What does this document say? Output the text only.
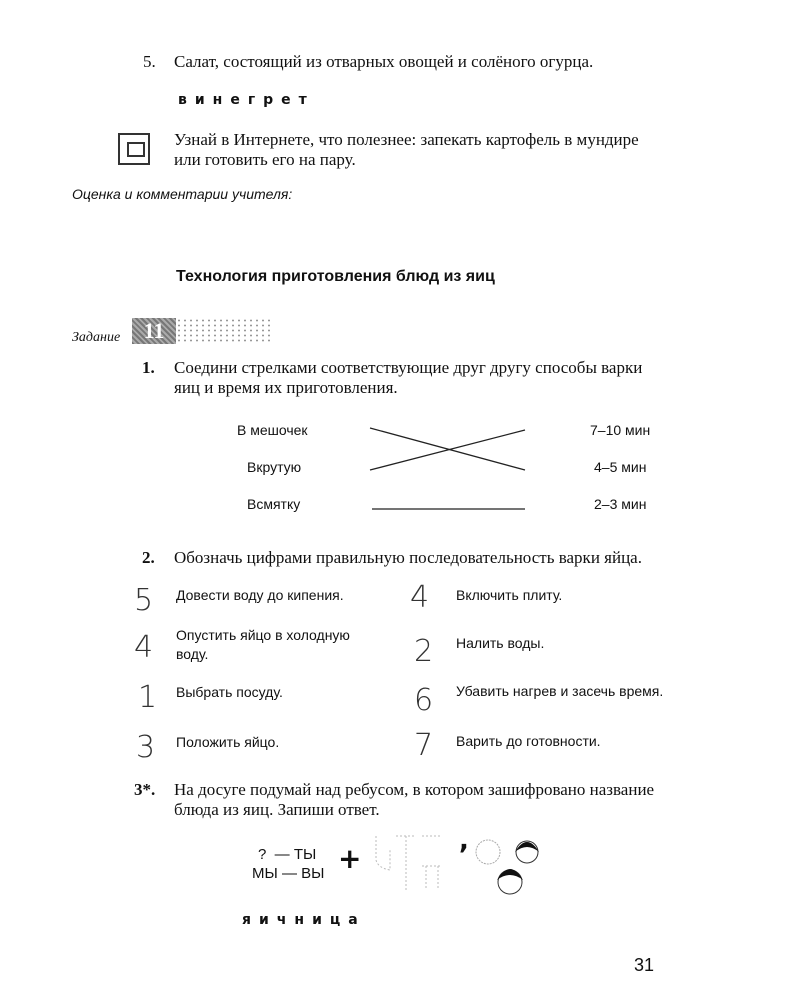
5. Салат, состоящий из отварных овощей и солёного огурца.
винегрет
Узнай в Интернете, что полезнее: запекать картофель в мундире
или готовить его на пару.
Оценка и комментарии учителя:
Технология приготовления блюд из яиц
Задание	11
1. Соедини стрелками соответствующие друг другу способы варки
яиц и время их приготовления.
В мешочек
Вкрутую
Всмятку
7–10 мин
4–5 мин
2–3 мин
2. Обозначь цифрами правильную последовательность варки яйца.
5 Довести воду до кипения.
4 Опустить яйцо в холодную воду.
1 Выбрать посуду.
3 Положить яйцо.
4 Включить плиту.
2 Налить воды.
6 Убавить нагрев и засечь время.
7 Варить до готовности.
3*. На досуге подумай над ребусом, в котором зашифровано название
блюда из яиц. Запиши ответ.
?  — ТЫ
МЫ — ВЫ +
,
яичница
31
